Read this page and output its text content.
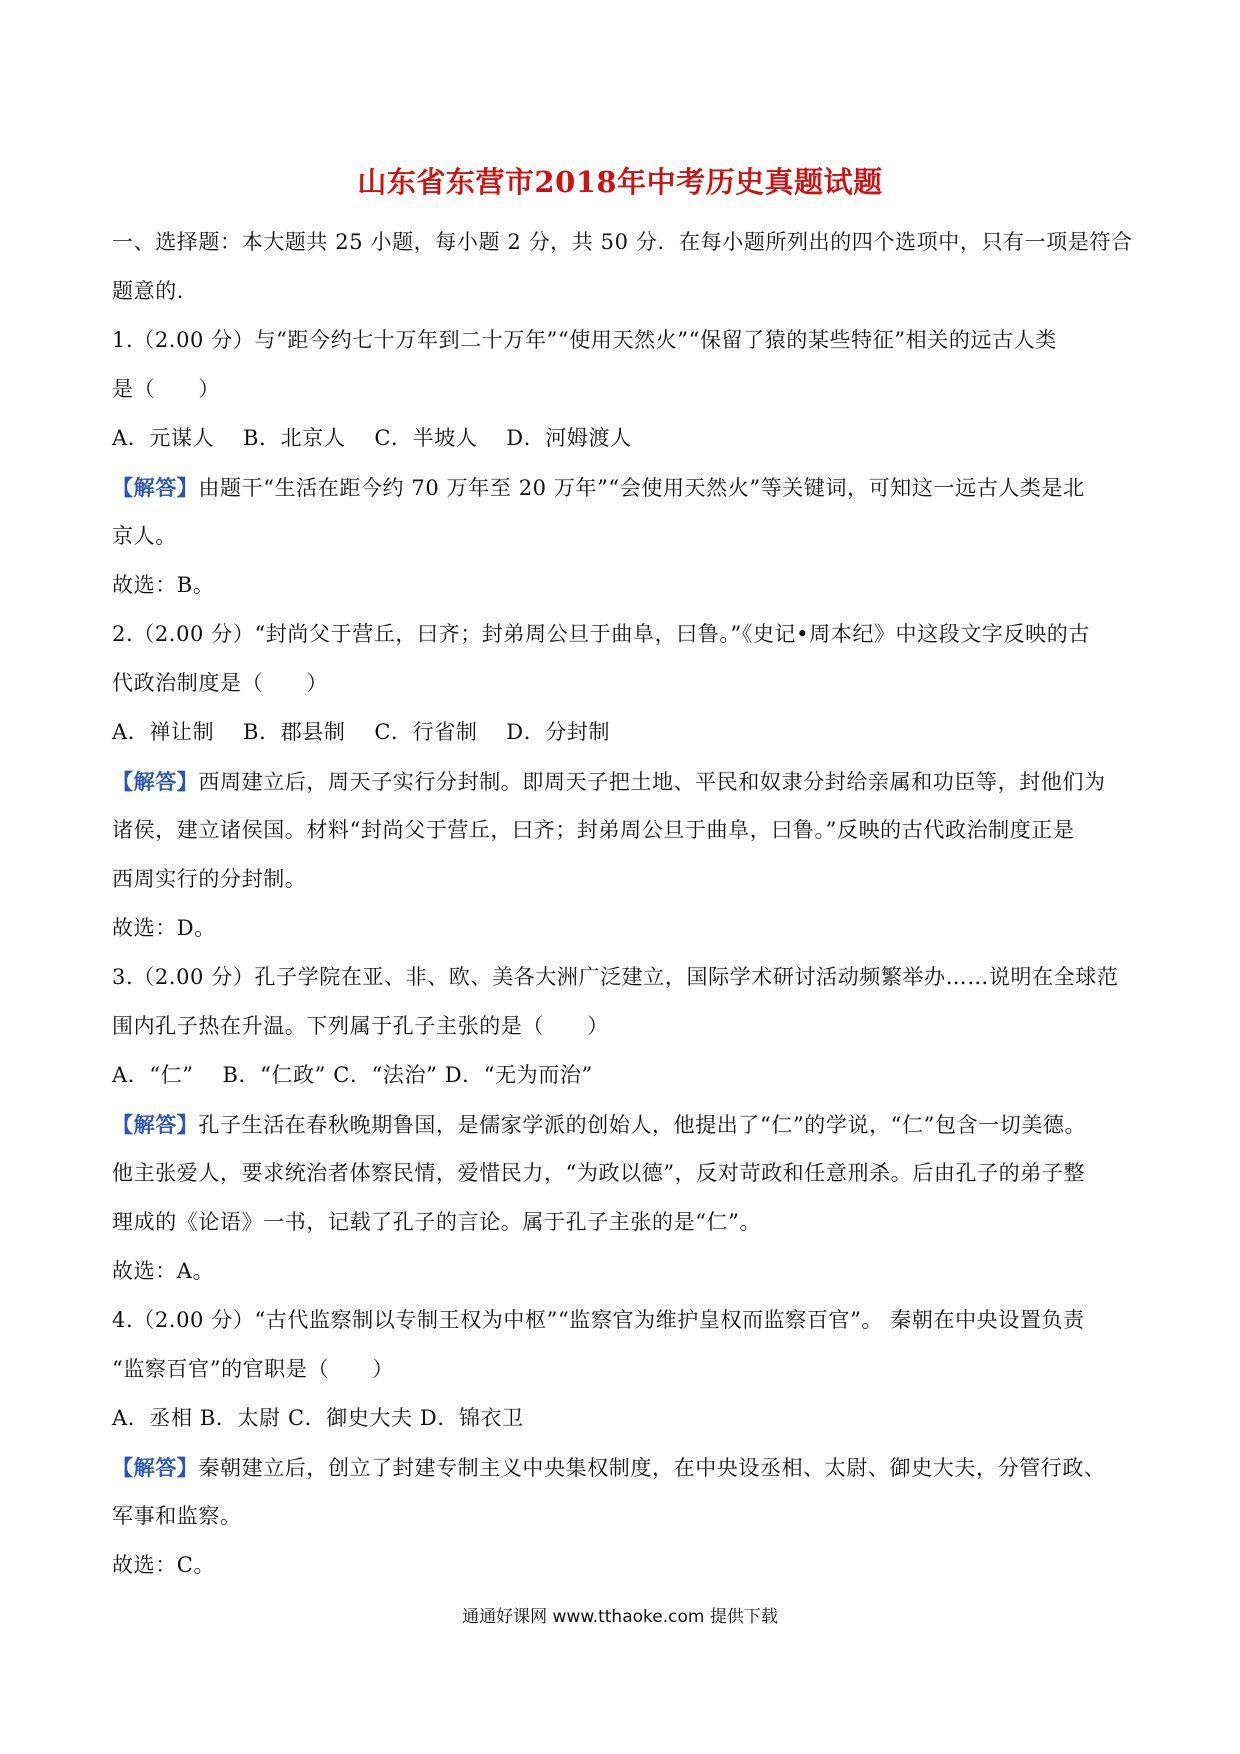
山东省东营市2018年中考历史真题试题
一、选择题：本大题共 25 小题，每小题 2 分，共 50 分．在每小题所列出的四个选项中，只有一项是符合
题意的．
1.（2.00 分）与“距今约七十万年到二十万年”“使用天然火”“保留了猿的某些特征”相关的远古人类
是（　　）
A．元谋人　 B．北京人　 C．半坡人　 D．河姆渡人
【解答】由题干“生活在距今约 70 万年至 20 万年”“会使用天然火”等关键词，可知这一远古人类是北
京人。
故选：B。
2.（2.00 分）“封尚父于营丘，曰齐；封弟周公旦于曲阜，曰鲁。”《史记•周本纪》中这段文字反映的古
代政治制度是（　　）
A．禅让制　 B．郡县制　 C．行省制　 D．分封制
【解答】西周建立后，周天子实行分封制。即周天子把土地、平民和奴隶分封给亲属和功臣等，封他们为
诸侯，建立诸侯国。材料“封尚父于营丘，曰齐；封弟周公旦于曲阜，曰鲁。”反映的古代政治制度正是
西周实行的分封制。
故选：D。
3.（2.00 分）孔子学院在亚、非、欧、美各大洲广泛建立，国际学术研讨活动频繁举办……说明在全球范
围内孔子热在升温。下列属于孔子主张的是（　　）
A．“仁”　 B．“仁政” C．“法治” D．“无为而治”
【解答】孔子生活在春秋晚期鲁国，是儒家学派的创始人，他提出了“仁”的学说，“仁”包含一切美德。
他主张爱人，要求统治者体察民情，爱惜民力，“为政以德”，反对苛政和任意刑杀。后由孔子的弟子整
理成的《论语》一书，记载了孔子的言论。属于孔子主张的是“仁”。
故选：A。
4.（2.00 分）“古代监察制以专制王权为中枢”“监察官为维护皇权而监察百官”。 秦朝在中央设置负责
“监察百官”的官职是（　　）
A．丞相 B．太尉 C．御史大夫 D．锦衣卫
【解答】秦朝建立后，创立了封建专制主义中央集权制度，在中央设丞相、太尉、御史大夫，分管行政、
军事和监察。
故选：C。
通通好课网 www.tthaoke.com 提供下载
